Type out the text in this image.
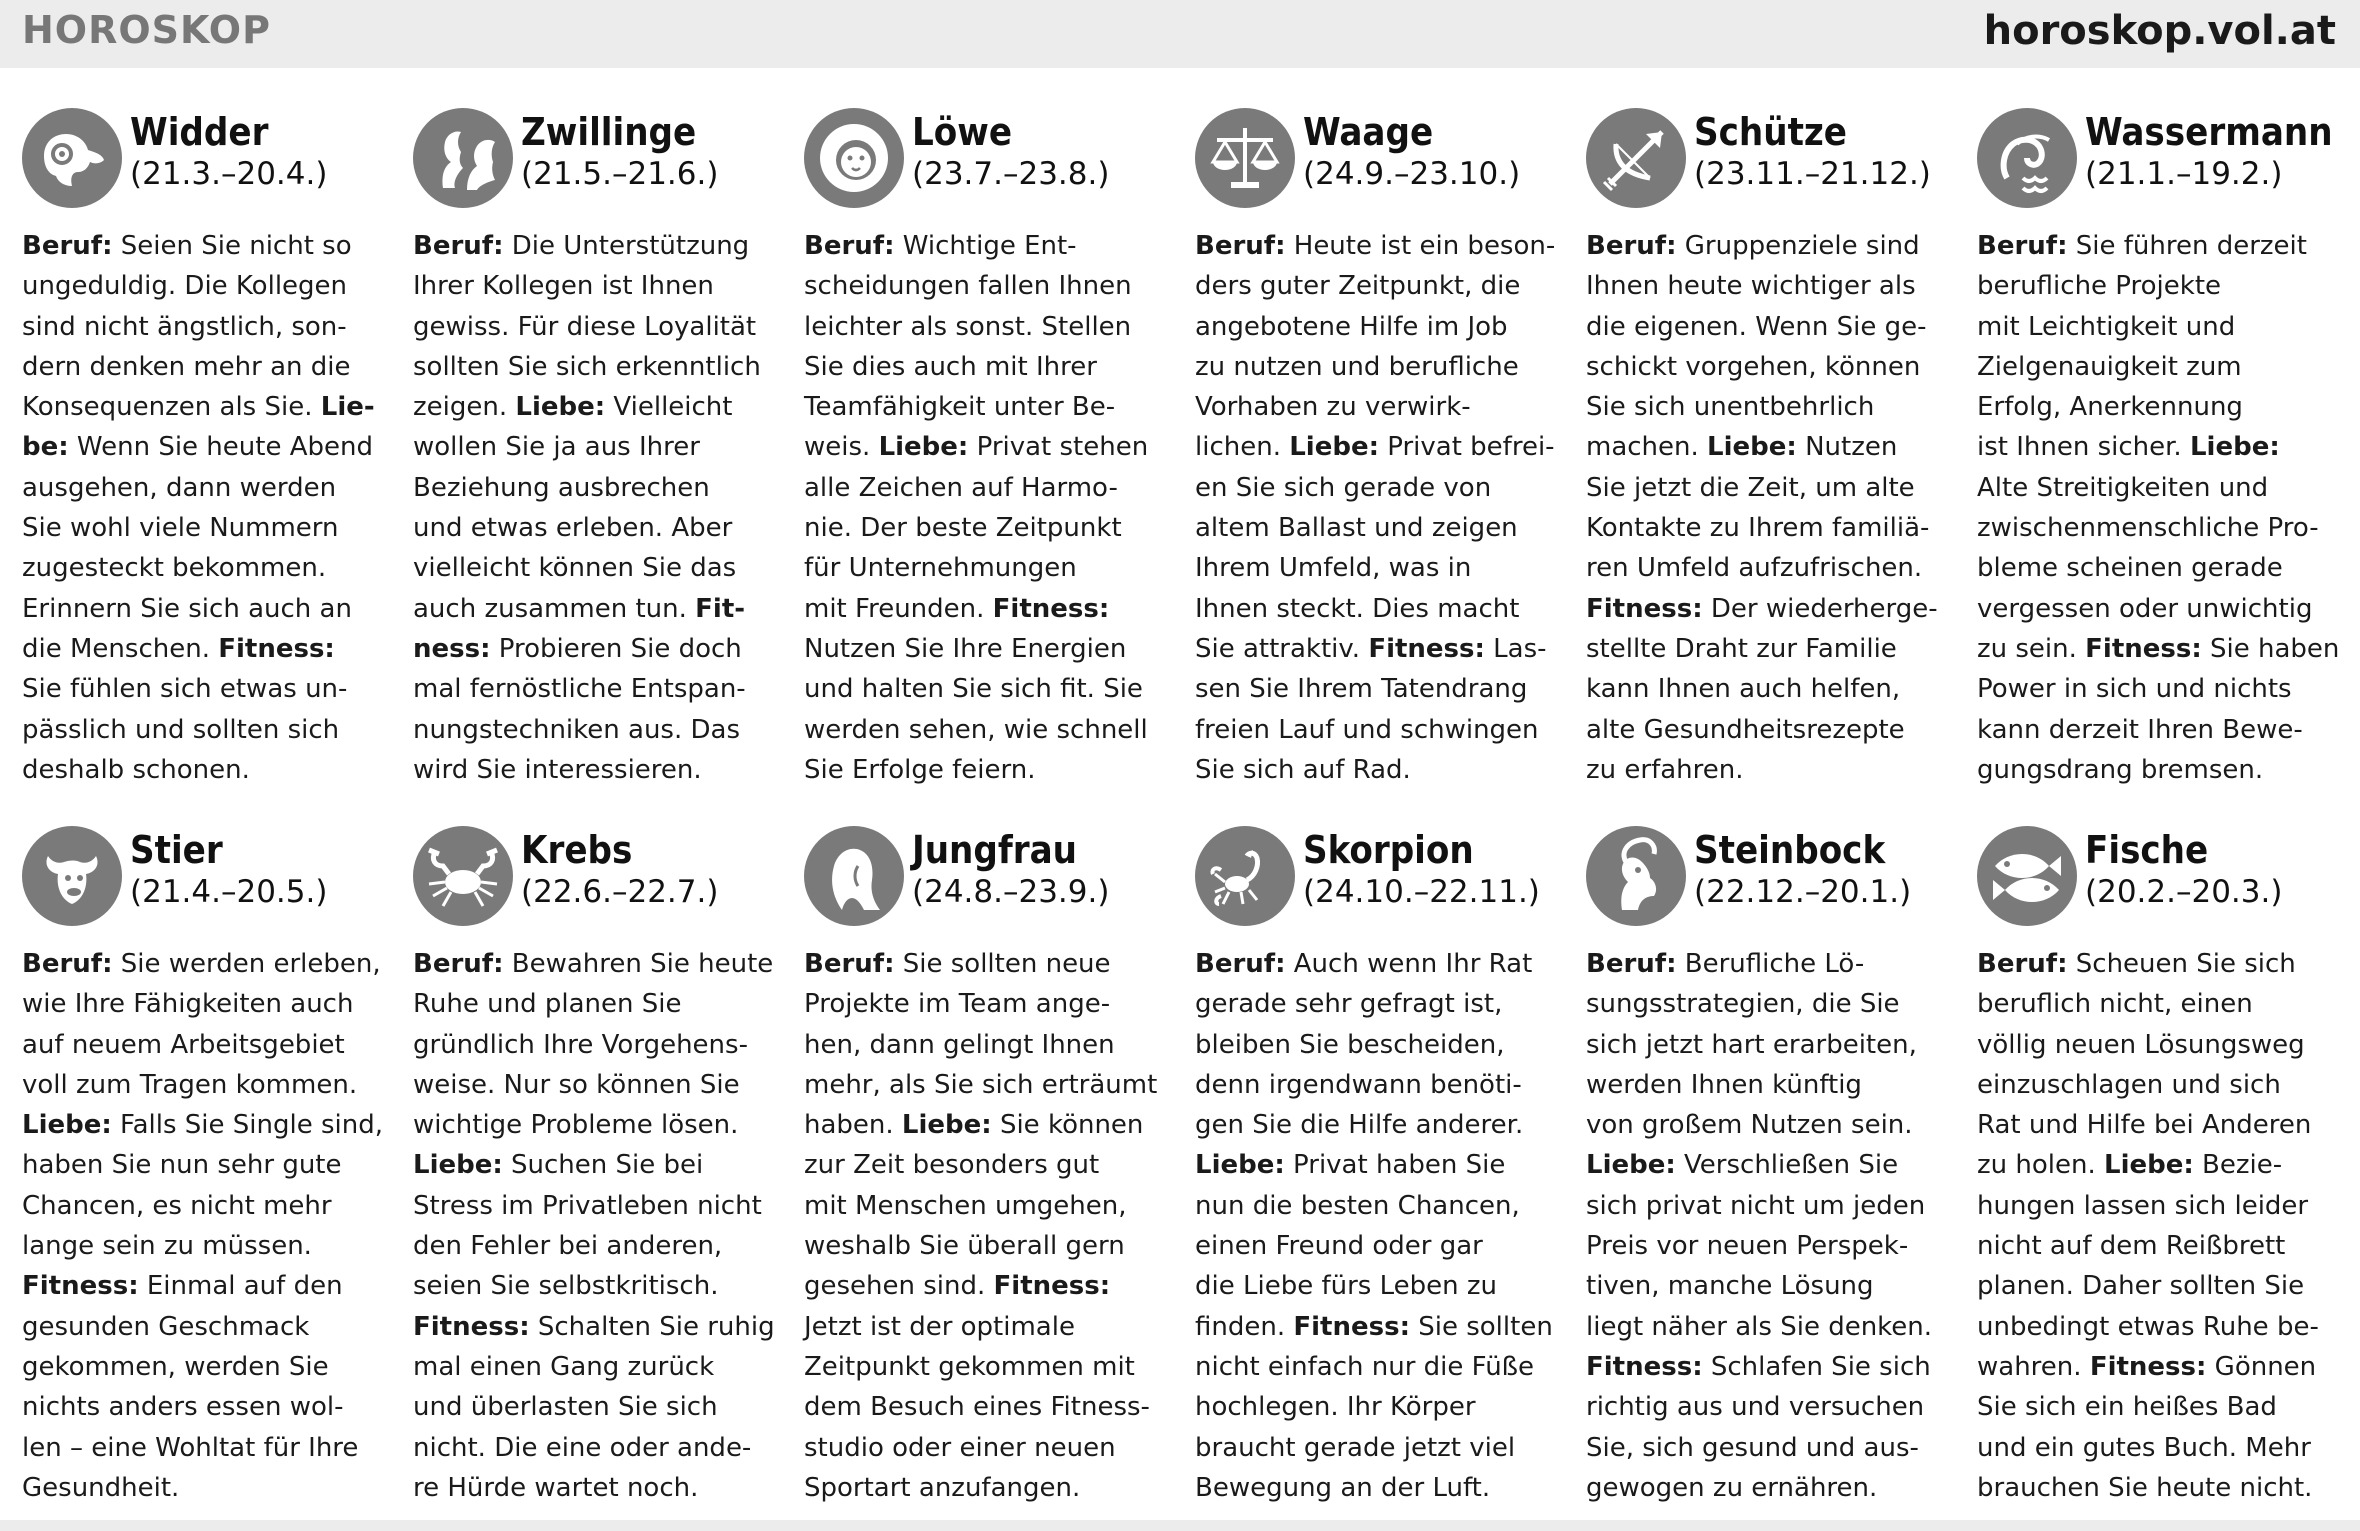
HOROSKOP	horoskop.vol.at
Widder
(21.3.–20.4.)
Beruf: Seien Sie nicht so
ungeduldig. Die Kollegen
sind nicht ängstlich, son-
dern denken mehr an die
Konsequenzen als Sie. Lie-
be: Wenn Sie heute Abend
ausgehen, dann werden
Sie wohl viele Nummern
zugesteckt bekommen.
Erinnern Sie sich auch an
die Menschen. Fitness:
Sie fühlen sich etwas un-
pässlich und sollten sich
deshalb schonen.
Zwillinge
(21.5.–21.6.)
Beruf: Die Unterstützung
Ihrer Kollegen ist Ihnen
gewiss. Für diese Loyalität
sollten Sie sich erkenntlich
zeigen. Liebe: Vielleicht
wollen Sie ja aus Ihrer
Beziehung ausbrechen
und etwas erleben. Aber
vielleicht können Sie das
auch zusammen tun. Fit-
ness: Probieren Sie doch
mal fernöstliche Entspan-
nungstechniken aus. Das
wird Sie interessieren.
Löwe
(23.7.–23.8.)
Beruf: Wichtige Ent-
scheidungen fallen Ihnen
leichter als sonst. Stellen
Sie dies auch mit Ihrer
Teamfähigkeit unter Be-
weis. Liebe: Privat stehen
alle Zeichen auf Harmo-
nie. Der beste Zeitpunkt
für Unternehmungen
mit Freunden. Fitness:
Nutzen Sie Ihre Energien
und halten Sie sich fit. Sie
werden sehen, wie schnell
Sie Erfolge feiern.
Waage
(24.9.–23.10.)
Beruf: Heute ist ein beson-
ders guter Zeitpunkt, die
angebotene Hilfe im Job
zu nutzen und berufliche
Vorhaben zu verwirk-
lichen. Liebe: Privat befrei-
en Sie sich gerade von
altem Ballast und zeigen
Ihrem Umfeld, was in
Ihnen steckt. Dies macht
Sie attraktiv. Fitness: Las-
sen Sie Ihrem Tatendrang
freien Lauf und schwingen
Sie sich auf Rad.
Schütze
(23.11.–21.12.)
Beruf: Gruppenziele sind
Ihnen heute wichtiger als
die eigenen. Wenn Sie ge-
schickt vorgehen, können
Sie sich unentbehrlich
machen. Liebe: Nutzen
Sie jetzt die Zeit, um alte
Kontakte zu Ihrem familiä-
ren Umfeld aufzufrischen.
Fitness: Der wiederherge-
stellte Draht zur Familie
kann Ihnen auch helfen,
alte Gesundheitsrezepte
zu erfahren.
Wassermann
(21.1.–19.2.)
Beruf: Sie führen derzeit
berufliche Projekte
mit Leichtigkeit und
Zielgenauigkeit zum
Erfolg, Anerkennung
ist Ihnen sicher. Liebe:
Alte Streitigkeiten und
zwischenmenschliche Pro-
bleme scheinen gerade
vergessen oder unwichtig
zu sein. Fitness: Sie haben
Power in sich und nichts
kann derzeit Ihren Bewe-
gungsdrang bremsen.
Stier
(21.4.–20.5.)
Beruf: Sie werden erleben,
wie Ihre Fähigkeiten auch
auf neuem Arbeitsgebiet
voll zum Tragen kommen.
Liebe: Falls Sie Single sind,
haben Sie nun sehr gute
Chancen, es nicht mehr
lange sein zu müssen.
Fitness: Einmal auf den
gesunden Geschmack
gekommen, werden Sie
nichts anders essen wol-
len – eine Wohltat für Ihre
Gesundheit.
Krebs
(22.6.–22.7.)
Beruf: Bewahren Sie heute
Ruhe und planen Sie
gründlich Ihre Vorgehens-
weise. Nur so können Sie
wichtige Probleme lösen.
Liebe: Suchen Sie bei
Stress im Privatleben nicht
den Fehler bei anderen,
seien Sie selbstkritisch.
Fitness: Schalten Sie ruhig
mal einen Gang zurück
und überlasten Sie sich
nicht. Die eine oder ande-
re Hürde wartet noch.
Jungfrau
(24.8.–23.9.)
Beruf: Sie sollten neue
Projekte im Team ange-
hen, dann gelingt Ihnen
mehr, als Sie sich erträumt
haben. Liebe: Sie können
zur Zeit besonders gut
mit Menschen umgehen,
weshalb Sie überall gern
gesehen sind. Fitness:
Jetzt ist der optimale
Zeitpunkt gekommen mit
dem Besuch eines Fitness-
studio oder einer neuen
Sportart anzufangen.
Skorpion
(24.10.–22.11.)
Beruf: Auch wenn Ihr Rat
gerade sehr gefragt ist,
bleiben Sie bescheiden,
denn irgendwann benöti-
gen Sie die Hilfe anderer.
Liebe: Privat haben Sie
nun die besten Chancen,
einen Freund oder gar
die Liebe fürs Leben zu
finden. Fitness: Sie sollten
nicht einfach nur die Füße
hochlegen. Ihr Körper
braucht gerade jetzt viel
Bewegung an der Luft.
Steinbock
(22.12.–20.1.)
Beruf: Berufliche Lö-
sungsstrategien, die Sie
sich jetzt hart erarbeiten,
werden Ihnen künftig
von großem Nutzen sein.
Liebe: Verschließen Sie
sich privat nicht um jeden
Preis vor neuen Perspek-
tiven, manche Lösung
liegt näher als Sie denken.
Fitness: Schlafen Sie sich
richtig aus und versuchen
Sie, sich gesund und aus-
gewogen zu ernähren.
Fische
(20.2.–20.3.)
Beruf: Scheuen Sie sich
beruflich nicht, einen
völlig neuen Lösungsweg
einzuschlagen und sich
Rat und Hilfe bei Anderen
zu holen. Liebe: Bezie-
hungen lassen sich leider
nicht auf dem Reißbrett
planen. Daher sollten Sie
unbedingt etwas Ruhe be-
wahren. Fitness: Gönnen
Sie sich ein heißes Bad
und ein gutes Buch. Mehr
brauchen Sie heute nicht.
